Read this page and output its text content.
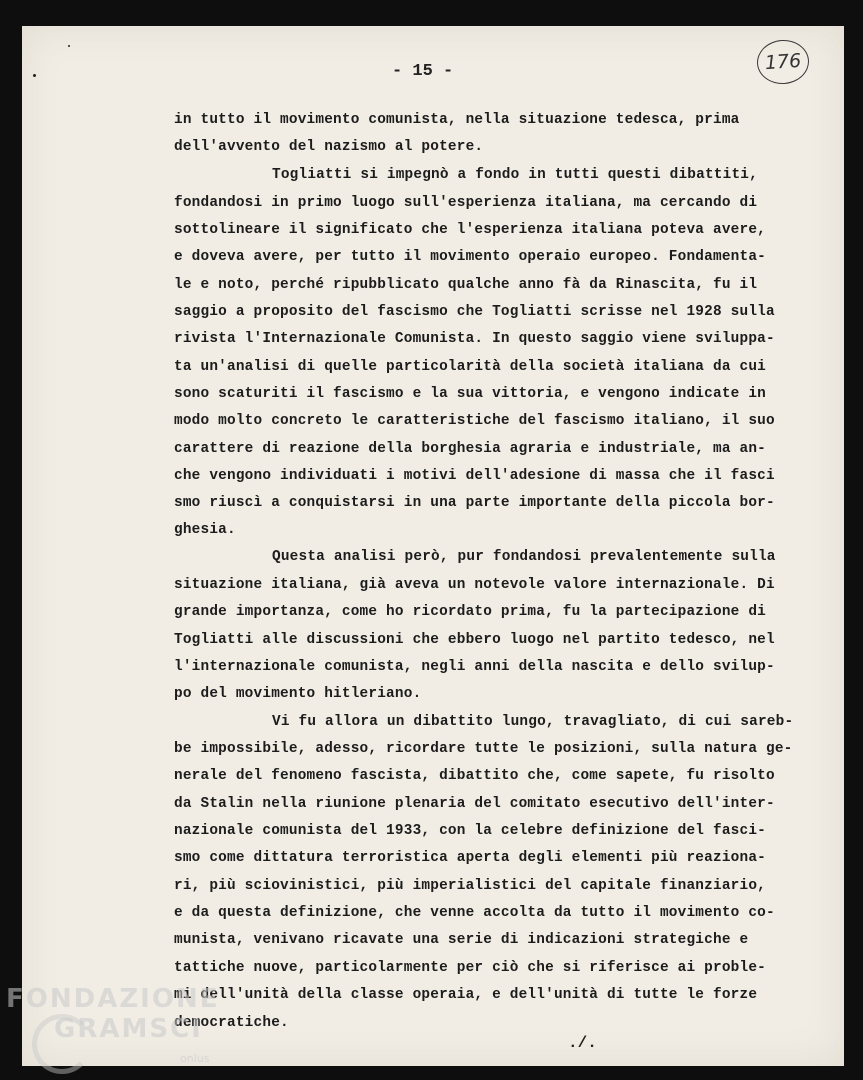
- 15 -	176
in tutto il movimento comunista, nella situazione tedesca, prima
dell'avvento del nazismo al potere.
Togliatti si impegnò a fondo in tutti questi dibattiti,
fondandosi in primo luogo sull'esperienza italiana, ma cercando di
sottolineare il significato che l'esperienza italiana poteva avere,
e doveva avere, per tutto il movimento operaio europeo. Fondamenta-
le e noto, perché ripubblicato qualche anno fà da Rinascita, fu il
saggio a proposito del fascismo che Togliatti scrisse nel 1928 sulla
rivista l'Internazionale Comunista. In questo saggio viene sviluppa-
ta un'analisi di quelle particolarità della società italiana da cui
sono scaturiti il fascismo e la sua vittoria, e vengono indicate in
modo molto concreto le caratteristiche del fascismo italiano, il suo
carattere di reazione della borghesia agraria e industriale, ma an-
che vengono individuati i motivi dell'adesione di massa che il fasci
smo riuscì a conquistarsi in una parte importante della piccola bor-
ghesia.
Questa analisi però, pur fondandosi prevalentemente sulla
situazione italiana, già aveva un notevole valore internazionale. Di
grande importanza, come ho ricordato prima, fu la partecipazione di
Togliatti alle discussioni che ebbero luogo nel partito tedesco, nel
l'internazionale comunista, negli anni della nascita e dello svilup-
po del movimento hitleriano.
Vi fu allora un dibattito lungo, travagliato, di cui sareb-
be impossibile, adesso, ricordare tutte le posizioni, sulla natura ge-
nerale del fenomeno fascista, dibattito che, come sapete, fu risolto
da Stalin nella riunione plenaria del comitato esecutivo dell'inter-
nazionale comunista del 1933, con la celebre definizione del fasci-
smo come dittatura terroristica aperta degli elementi più reaziona-
ri, più sciovinistici, più imperialistici del capitale finanziario,
e da questa definizione, che venne accolta da tutto il movimento co-
munista, venivano ricavate una serie di indicazioni strategiche e
tattiche nuove, particolarmente per ciò che si riferisce ai proble-
mi dell'unità della classe operaia, e dell'unità di tutte le forze
democratiche.
./.
FONDAZIONE
GRAMSCI
onlus
